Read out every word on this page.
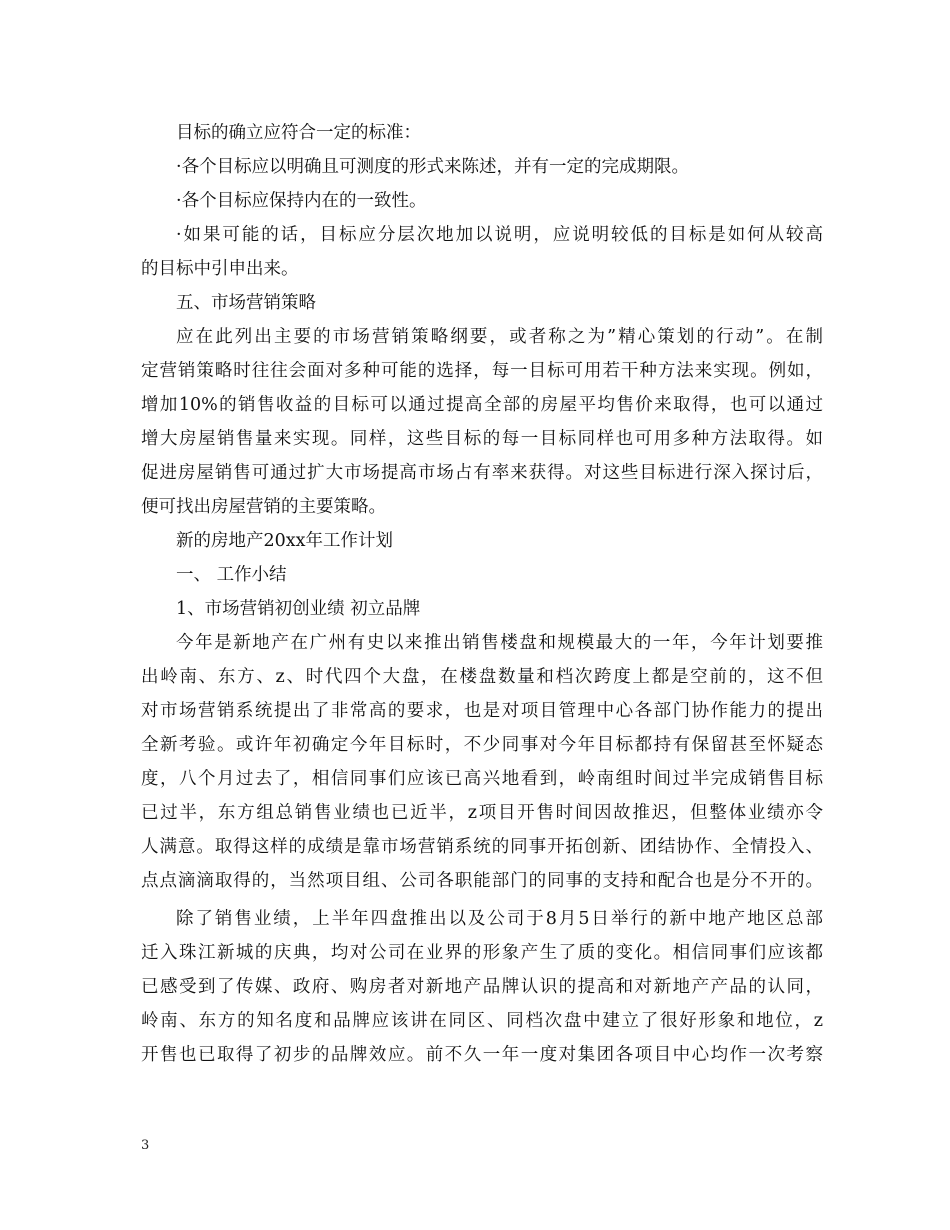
目标的确立应符合一定的标准：
·各个目标应以明确且可测度的形式来陈述，并有一定的完成期限。
·各个目标应保持内在的一致性。
·如果可能的话，目标应分层次地加以说明，应说明较低的目标是如何从较高
的目标中引申出来。
五、市场营销策略
应在此列出主要的市场营销策略纲要，或者称之为”精心策划的行动”。在制
定营销策略时往往会面对多种可能的选择，每一目标可用若干种方法来实现。例如，
增加10%的销售收益的目标可以通过提高全部的房屋平均售价来取得，也可以通过
增大房屋销售量来实现。同样，这些目标的每一目标同样也可用多种方法取得。如
促进房屋销售可通过扩大市场提高市场占有率来获得。对这些目标进行深入探讨后，
便可找出房屋营销的主要策略。
新的房地产20xx年工作计划
一、 工作小结
1、市场营销初创业绩 初立品牌
今年是新地产在广州有史以来推出销售楼盘和规模最大的一年，今年计划要推
出岭南、东方、z、时代四个大盘，在楼盘数量和档次跨度上都是空前的，这不但
对市场营销系统提出了非常高的要求，也是对项目管理中心各部门协作能力的提出
全新考验。或许年初确定今年目标时，不少同事对今年目标都持有保留甚至怀疑态
度，八个月过去了，相信同事们应该已高兴地看到，岭南组时间过半完成销售目标
已过半，东方组总销售业绩也已近半，z项目开售时间因故推迟，但整体业绩亦令
人满意。取得这样的成绩是靠市场营销系统的同事开拓创新、团结协作、全情投入、
点点滴滴取得的，当然项目组、公司各职能部门的同事的支持和配合也是分不开的。
除了销售业绩，上半年四盘推出以及公司于8月5日举行的新中地产地区总部
迁入珠江新城的庆典，均对公司在业界的形象产生了质的变化。相信同事们应该都
已感受到了传媒、政府、购房者对新地产品牌认识的提高和对新地产产品的认同，
岭南、东方的知名度和品牌应该讲在同区、同档次盘中建立了很好形象和地位，z
开售也已取得了初步的品牌效应。前不久一年一度对集团各项目中心均作一次考察
3
